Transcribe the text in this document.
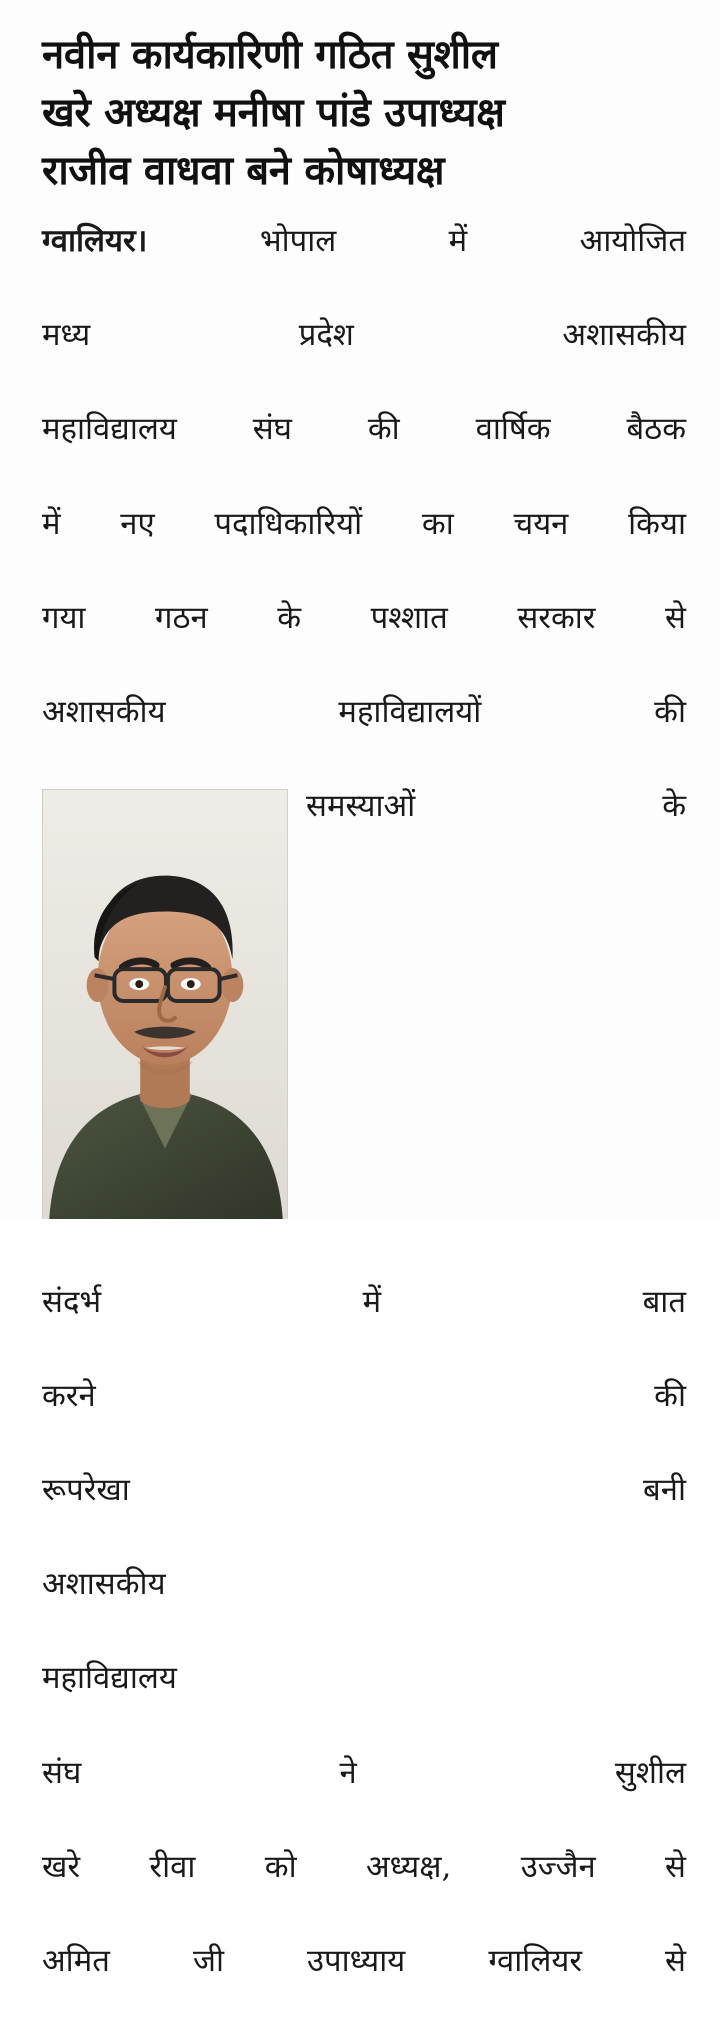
नवीन कार्यकारिणी गठित सुशील
खरे अध्यक्ष मनीषा पांडे उपाध्यक्ष
राजीव वाधवा बने कोषाध्यक्ष
ग्वालियर।	भोपाल में आयोजित
मध्य प्रदेश अशासकीय
महाविद्यालय संघ की वार्षिक बैठक
में नए पदाधिकारियों का चयन किया
गया गठन के पश्शात सरकार से
अशासकीय महाविद्यालयों की
समस्याओं के
संदर्भ में बात
करने की
रूपरेखा बनी
अशासकीय
महाविद्यालय
संघ ने सुशील
खरे रीवा को अध्यक्ष, उज्जैन से
अमित जी उपाध्याय ग्वालियर से
